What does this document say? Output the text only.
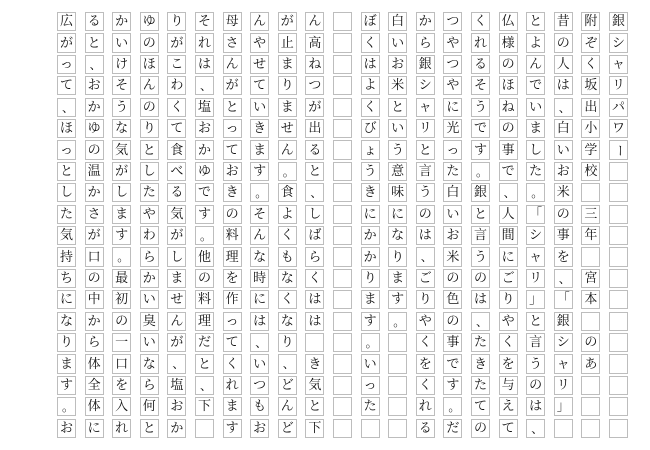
銀
シ
ャ
リ
パ
ワ
ー
附
ぞ
く
坂
出
小
学
校
三
年
宮
本
の
あ
昔
の
人
は
、
白
い
お
米
の
事
を
、
「
銀
シ
ャ
リ
」
と
よ
ん
で
い
ま
し
た
。
「
シ
ャ
リ
」
と
言
う
の
は
、
仏
様
の
ほ
ね
の
事
で
、
人
間
に
ご
り
や
く
を
与
え
て
く
れ
る
そ
う
で
す
。
銀
と
言
う
の
は
、
た
き
た
て
の
つ
や
つ
や
に
光
っ
た
白
い
お
米
の
色
の
事
で
す
。
だ
か
ら
銀
シ
ャ
リ
と
言
う
の
は
、
ご
り
や
く
を
く
れ
る
白
い
お
米
と
い
う
意
味
に
な
り
ま
す
。
ぼ
く
は
よ
く
び
ょ
う
き
に
か
か
り
ま
す
。
い
っ
た
ん
高
ね
つ
が
出
る
と
、
し
ば
ら
く
は
は
き
気
と
下
が
止
ま
り
ま
せ
ん
。
食
よ
く
も
な
く
な
り
、
ど
ん
ど
ん
や
せ
て
い
き
ま
す
。
そ
ん
な
時
に
は
、
い
つ
も
お
母
さ
ん
が
と
っ
て
お
き
の
料
理
を
作
っ
て
く
れ
ま
す
そ
れ
は
、
塩
お
か
ゆ
で
す
。
他
の
料
理
だ
と
、
下
り
が
こ
わ
く
て
食
べ
る
気
が
し
ま
せ
ん
が
、
塩
お
か
ゆ
の
ほ
ん
の
り
と
し
た
や
わ
ら
か
い
臭
い
な
ら
何
と
か
い
け
そ
う
な
気
が
し
ま
す
。
最
初
の
一
口
を
入
れ
る
と
、
お
か
ゆ
の
温
か
さ
が
口
の
中
か
ら
体
全
体
に
広
が
っ
て
、
ほ
っ
と
し
た
気
持
ち
に
な
り
ま
す
。
お
